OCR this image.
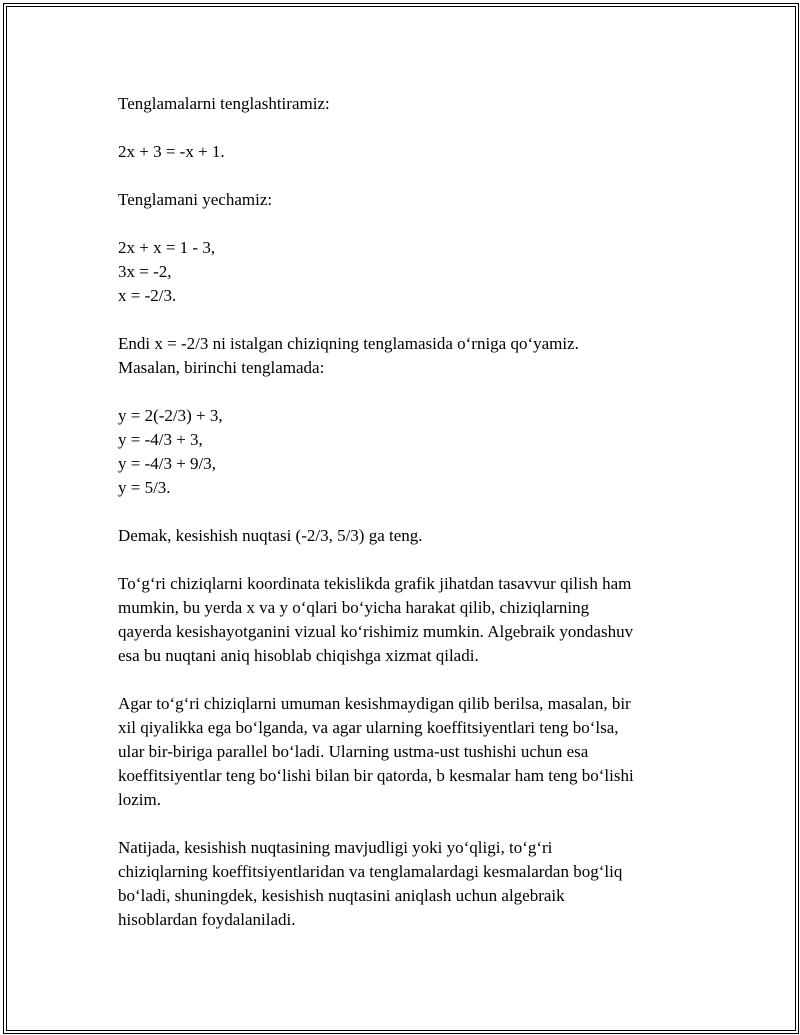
Tenglamalarni tenglashtiramiz:

2x + 3 = -x + 1.

Tenglamani yechamiz:

2x + x = 1 - 3,
3x = -2,
x = -2/3.

Endi x = -2/3 ni istalgan chiziqning tenglamasida o‘rniga qo‘yamiz.
Masalan, birinchi tenglamada:

y = 2(-2/3) + 3,
y = -4/3 + 3,
y = -4/3 + 9/3,
y = 5/3.

Demak, kesishish nuqtasi (-2/3, 5/3) ga teng.

To‘g‘ri chiziqlarni koordinata tekislikda grafik jihatdan tasavvur qilish ham
mumkin, bu yerda x va y o‘qlari bo‘yicha harakat qilib, chiziqlarning
qayerda kesishayotganini vizual ko‘rishimiz mumkin. Algebraik yondashuv
esa bu nuqtani aniq hisoblab chiqishga xizmat qiladi.

Agar to‘g‘ri chiziqlarni umuman kesishmaydigan qilib berilsa, masalan, bir
xil qiyalikka ega bo‘lganda, va agar ularning koeffitsiyentlari teng bo‘lsa,
ular bir-biriga parallel bo‘ladi. Ularning ustma-ust tushishi uchun esa
koeffitsiyentlar teng bo‘lishi bilan bir qatorda, b kesmalar ham teng bo‘lishi
lozim.

Natijada, kesishish nuqtasining mavjudligi yoki yo‘qligi, to‘g‘ri
chiziqlarning koeffitsiyentlaridan va tenglamalardagi kesmalardan bog‘liq
bo‘ladi, shuningdek, kesishish nuqtasini aniqlash uchun algebraik
hisoblardan foydalaniladi.
